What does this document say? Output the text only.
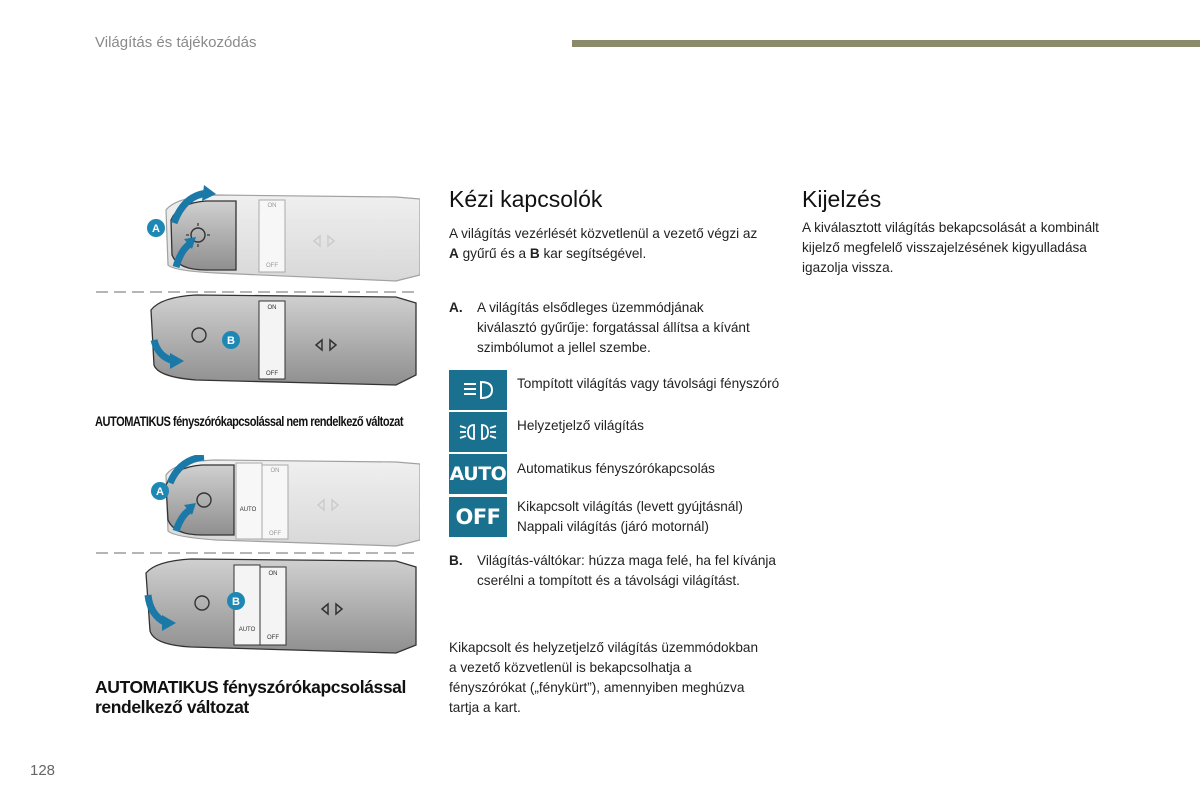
Világítás és tájékozódás
A
ON
OFF
B
ON
OFF
AUTOMATIKUS fényszórókapcsolással nem rendelkező változat
A
ON
AUTO
OFF
B
ON
AUTO
OFF
AUTOMATIKUS fényszórókapcsolással rendelkező változat
Kézi kapcsolók
A világítás vezérlését közvetlenül a vezető végzi az A gyűrű és a B kar segítségével.
A.	A világítás elsődleges üzemmódjának kiválasztó gyűrűje: forgatással állítsa a kívánt szimbólumot a jellel szembe.
Tompított világítás vagy távolsági fényszóró
Helyzetjelző világítás
AUTO Automatikus fényszórókapcsolás
OFF Kikapcsolt világítás (levett gyújtásnál)
Nappali világítás (járó motornál)
B.	Világítás-váltókar: húzza maga felé, ha fel kívánja cserélni a tompított és a távolsági világítást.
Kikapcsolt és helyzetjelző világítás üzemmódokban a vezető közvetlenül is bekapcsolhatja a fényszórókat („fénykürt”), amennyiben meghúzva tartja a kart.
Kijelzés
A kiválasztott világítás bekapcsolását a kombinált kijelző megfelelő visszajelzésének kigyulladása igazolja vissza.
128
